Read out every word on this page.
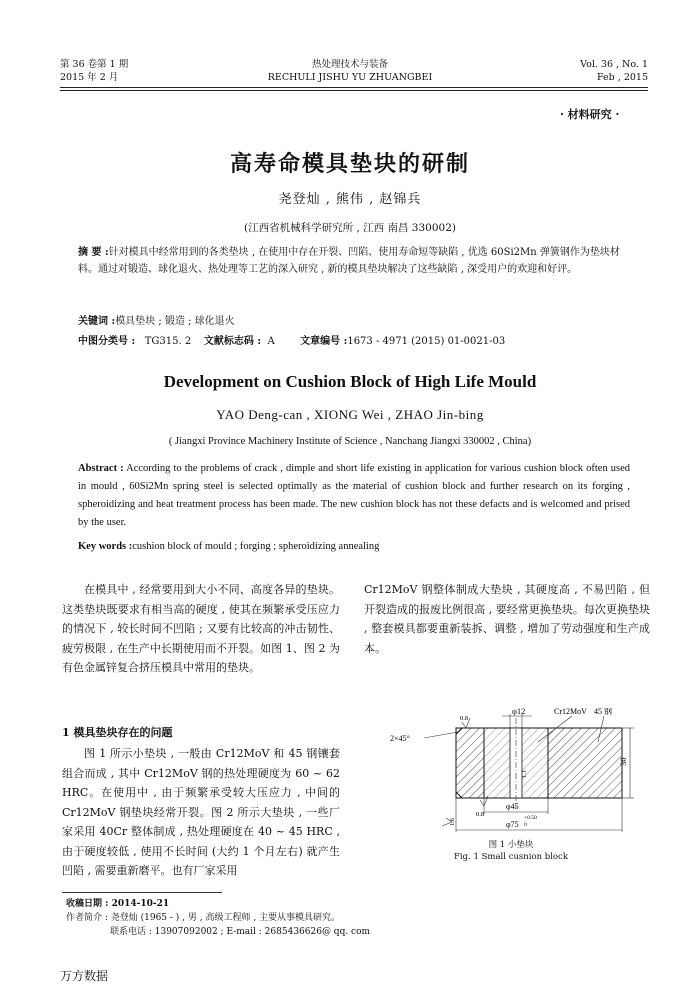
第 36 卷第 1 期
2015 年 2 月
热处理技术与装备
RECHULI JISHU YU ZHUANGBEI
Vol. 36 , No. 1
Feb , 2015
· 材料研究 ·
高寿命模具垫块的研制
尧登灿 , 熊伟 , 赵锦兵
(江西省机械科学研究所 , 江西 南昌 330002)
摘 要 :针对模具中经常用到的各类垫块 , 在使用中存在开裂、凹陷、使用寿命短等缺陷 , 优选 60Si2Mn 弹簧钢作为垫块材料。通过对锻造、球化退火、热处理等工艺的深入研究 , 新的模具垫块解决了这些缺陷 , 深受用户的欢迎和好评。
关键词 :模具垫块 ; 锻造 ; 球化退火
中图分类号 : TG315. 2 文献标志码 : A	文章编号 :1673 - 4971 (2015) 01-0021-03
Development on Cushion Block of High Life Mould
YAO Deng-can , XIONG Wei , ZHAO Jin-bing
( Jiangxi Province Machinery Institute of Science , Nanchang Jiangxi 330002 , China)
Abstract : According to the problems of crack , dimple and short life existing in application for various cushion block often used in mould , 60Si2Mn spring steel is selected optimally as the material of cushion block and further research on its forging , spheroidizing and heat treatment process has been made. The new cushion block has not these defacts and is welcomed and prised by the user.
Key words :cushion block of mould ; forging ; spheroidizing annealing
在模具中 , 经常要用到大小不同、高度各异的垫块。这类垫块既要求有相当高的硬度 , 使其在频繁承受压应力的情况下 , 较长时间不凹陷 ; 又要有比较高的冲击韧性、疲劳极限 , 在生产中长期使用而不开裂。如图 1、图 2 为有色金属锌复合挤压模具中常用的垫块。
1 模具垫块存在的问题
图 1 所示小垫块 , 一般由 Cr12MoV 和 45 钢镶套组合而成 , 其中 Cr12MoV 钢的热处理硬度为 60 ~ 62 HRC。在使用中 , 由于频繁承受较大压应力 , 中间的 Cr12MoV 钢垫块经常开裂。图 2 所示大垫块 , 一些厂家采用 40Cr 整体制成 , 热处理硬度在 40 ~ 45 HRC , 由于硬度较低 , 使用不长时间 (大约 1 个月左右) 就产生凹陷 , 需要重新磨平。也有厂家采用
Cr12MoV 钢整体制成大垫块 , 其硬度高 , 不易凹陷 , 但开裂造成的报废比例很高 , 要经常更换垫块。每次更换垫块 , 整套模具都要重新装拆、调整 , 增加了劳动强度和生产成本。
φ12	Cr12MoV 45 钢
0.8
2×45°
30
1.1
0.8
φ45
φ75
+0.50
0
1.6
图 1 小垫块
Fig. 1 Small cusnion block
收稿日期 : 2014-10-21
作者简介 : 尧登灿 (1965 - ) , 男 , 高级工程师 , 主要从事模具研究。
联系电话 : 13907092002 ; E-mail : 2685436626@ qq. com
万方数据
